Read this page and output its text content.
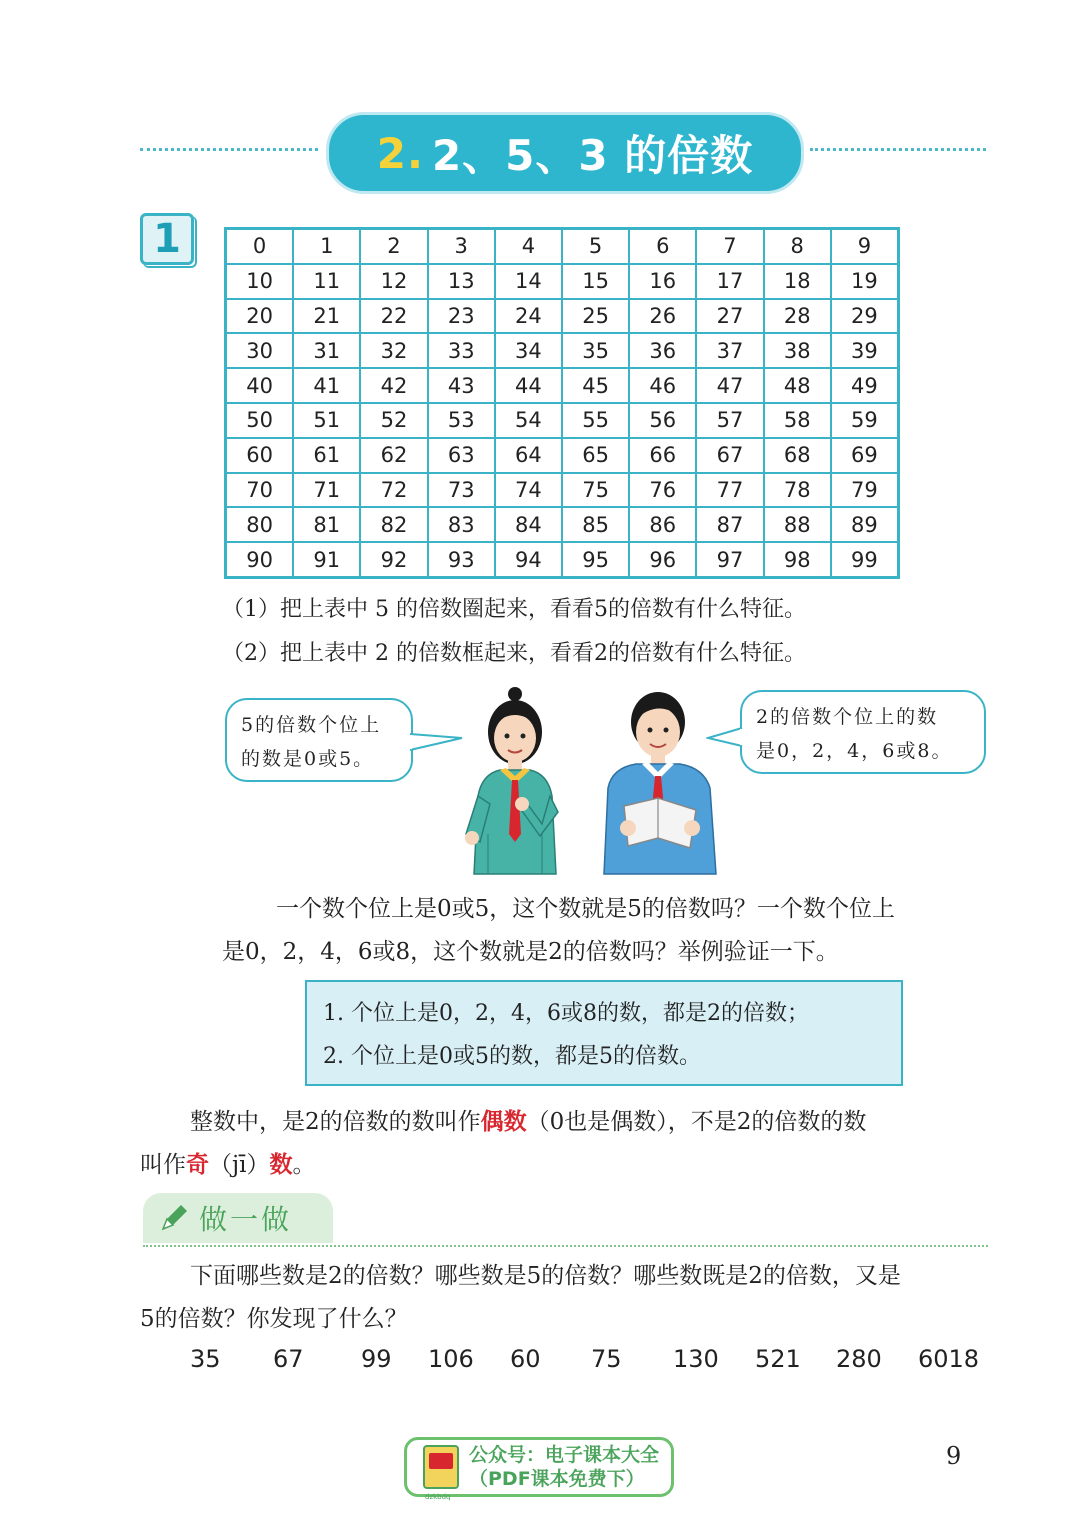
2. 2、5、3 的倍数
1	0	1	2	3	4	5	6	7	8	9
10	11	12	13	14	15	16	17	18	19
20	21	22	23	24	25	26	27	28	29
30	31	32	33	34	35	36	37	38	39
40	41	42	43	44	45	46	47	48	49
50	51	52	53	54	55	56	57	58	59
60	61	62	63	64	65	66	67	68	69
70	71	72	73	74	75	76	77	78	79
80	81	82	83	84	85	86	87	88	89
90	91	92	93	94	95	96	97	98	99
（1）把上表中 5 的倍数圈起来，看看5的倍数有什么特征。
（2）把上表中 2 的倍数框起来，看看2的倍数有什么特征。
5的倍数个位上
的数是0或5。
2的倍数个位上的数
是0，2，4，6或8。
一个数个位上是0或5，这个数就是5的倍数吗？一个数个位上
是0，2，4，6或8，这个数就是2的倍数吗？举例验证一下。
1. 个位上是0，2，4，6或8的数，都是2的倍数；
2. 个位上是0或5的数，都是5的倍数。
整数中，是2的倍数的数叫作偶数（0也是偶数），不是2的倍数的数
叫作奇（jī）数。
做一做
下面哪些数是2的倍数？哪些数是5的倍数？哪些数既是2的倍数，又是
5的倍数？你发现了什么？
35 67 99 106 60 75 130 521 280 6018
dzkbdq
公众号：电子课本大全
（PDF课本免费下）
9
